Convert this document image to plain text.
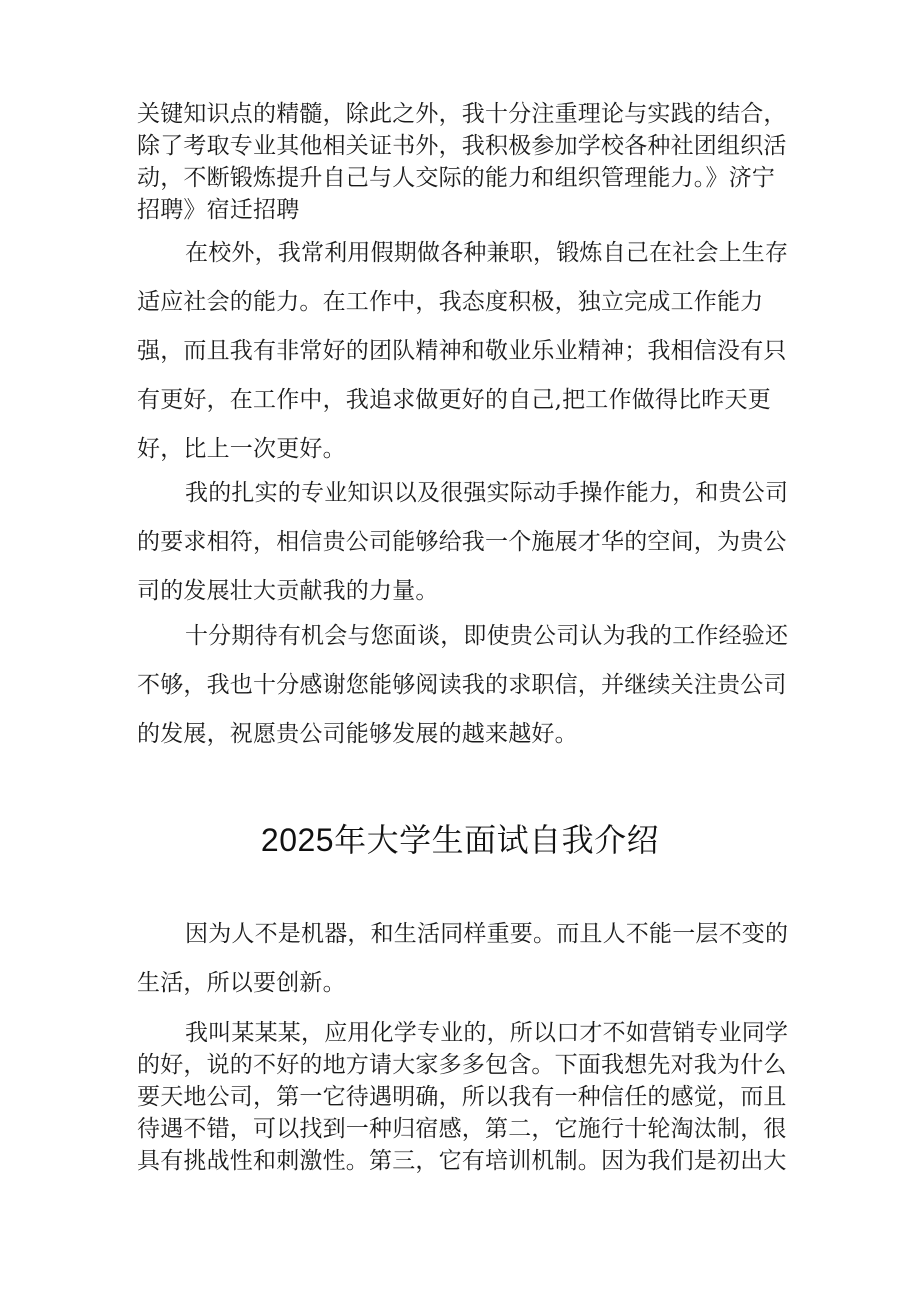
关键知识点的精髓，除此之外，我十分注重理论与实践的结合，除了考取专业其他相关证书外，我积极参加学校各种社团组织活动，不断锻炼提升自己与人交际的能力和组织管理能力。》济宁招聘》宿迁招聘

在校外，我常利用假期做各种兼职，锻炼自己在社会上生存适应社会的能力。在工作中，我态度积极，独立完成工作能力强，而且我有非常好的团队精神和敬业乐业精神；我相信没有只有更好，在工作中，我追求做更好的自己,把工作做得比昨天更好，比上一次更好。

我的扎实的专业知识以及很强实际动手操作能力，和贵公司的要求相符，相信贵公司能够给我一个施展才华的空间，为贵公司的发展壮大贡献我的力量。

十分期待有机会与您面谈，即使贵公司认为我的工作经验还不够，我也十分感谢您能够阅读我的求职信，并继续关注贵公司的发展，祝愿贵公司能够发展的越来越好。

2025年大学生面试自我介绍

因为人不是机器，和生活同样重要。而且人不能一层不变的生活，所以要创新。

我叫某某某，应用化学专业的，所以口才不如营销专业同学的好，说的不好的地方请大家多多包含。下面我想先对我为什么要天地公司，第一它待遇明确，所以我有一种信任的感觉，而且待遇不错，可以找到一种归宿感，第二，它施行十轮淘汰制，很具有挑战性和刺激性。第三，它有培训机制。因为我们是初出大
